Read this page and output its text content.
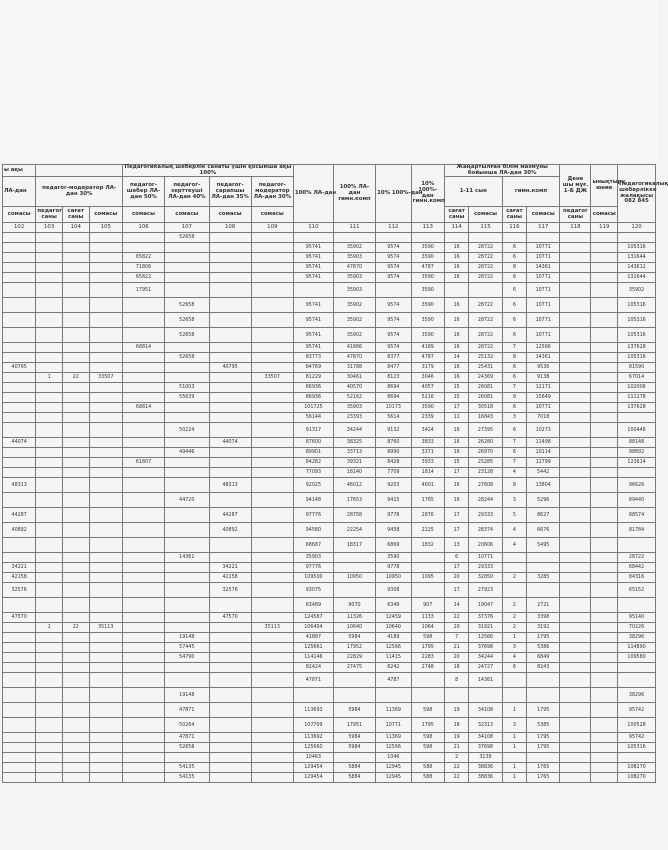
ы ақы				Педагогикалық шеберлік санаты үшін қосымша ақы 100%				100% ЛА-дан	100% ЛА-дан гимн.комп	10% 100%-дан	10% 100%-дан гимн.комп	Жаңартылған білім мазмұны бойынша ЛА-дан 30%				Дене шы мұғ. 1-Б ДЖ	ынықтыру юние	Педагогикалық шеберлікке жалақысы 082 845
ЛА-дан	педагог-модератор ЛА-дан 30%			педагог-шебер ЛА-дан 50%	педагог-зерттеуші ЛА-дан 40%	педагог-сарапшы ЛА-дан 35%	педагог-модератор ЛА-дан 30%					1-11 сын		гимн.комп				
сомасы	педагог саны	сағат саны	сомасы	сомасы	сомасы	сомасы	сомасы					сағат саны	сомасы	сағат саны	сомасы	педагог саны	сомасы	
102	103	104	105	106	107	108	109	110	111	112	113	114	115	116	117	118	119	120
					52658													
								95741	35902	9574	3590	16	28722	6	10771			105316
				65822				95741	35903	9574	3590	16	28722	6	10771			131644
				71806				95741	47870	9574	4787	16	28722	8	14361			143612
				65822				95741	35903	9574	3590	16	28722	6	10771			131644
				17951					35903		3590			6	10771			35902
					52658			95741	35902	9574	3590	16	28722	6	10771			105316
					52658			95741	35902	9574	3590	16	28722	6	10771			105316
					52658			95741	35902	9574	3590	16	28722	6	10771			105316
				68814				95741	41886	9574	4189	16	28722	7	12566			137628
					52658			83773	47870	8377	4787	14	25132	8	14361			105316
40795						40795		84769	31788	8477	3179	16	25431	6	9536			81590
	1	22	33507				33507	81229	30461	8123	3046	16	24369	6	9138			67014
					51003			86936	40570	8694	4057	15	26081	7	12171			102006
					55639			86936	52162	8694	5216	15	26081	9	15649			111278
				68814				101725	35903	10173	3590	17	30518	6	10771			137628
								56144	23393	5614	2339	11	16843	3	7018			
					50224			91317	34244	9132	3424	16	27395	6	10273			100448
44074						44074		87600	38325	8760	3833	16	26280	7	11498			88148
					49446			89901	33713	8990	3371	16	26970	6	10114			98892
				61807				84282	39321	8428	3933	15	25285	7	11799			123614
								77093	18140	7709	1814	17	23128	4	5442			
48313						48313		92025	46012	9203	4601	16	27608	8	13804			96626
					44720			94148	17653	9415	1765	16	28244	3	5296			89440
44287						44287		97776	28758	9778	2876	17	29333	5	8627			88574
40892						40892		94580	22254	9458	2225	17	28374	4	6676			81784
								68687	18317	6869	1832	13	20606	4	5495			
					14361			35903		3590		6	10771					28722
34221						34221		97776		9778		17	29333					68442
42158						42158		109500	10950	10950	1095	20	32850	2	3285			84316
32576						32576		93075		9308		17	27923					65152
								63489	9070	6349	907	14	19047	2	2721			
47570						47570		124587	11326	12459	1133	22	37376	2	3398			95140
	1	22	35113				35113	106404	10640	10640	1064	20	31921	2	3192			70226
					19148			41887	5984	4189	598	7	12566	1	1795			38296
					57445			125661	17952	12566	1795	21	37698	3	5386			114890
					54790			114146	22829	11415	2283	20	34244	4	6849			109580
								82424	27475	8242	2748	18	24727	6	8243			
								47871		4787		8	14361					
					19148													38296
					47871			113693	5984	11369	598	19	34108	1	1795			95742
					50264			107709	17951	10771	1795	18	32313	3	5385			100528
					47871			113692	5984	11369	598	19	34108	1	1795			95742
					52658			125660	5984	12566	598	21	37698	1	1795			105316
								10463		1046		2	3139					
					54135			129454	5884	12945	588	22	38836	1	1765			108270
					54135			129454	5884	12945	588	22	38836	1	1765			108270
